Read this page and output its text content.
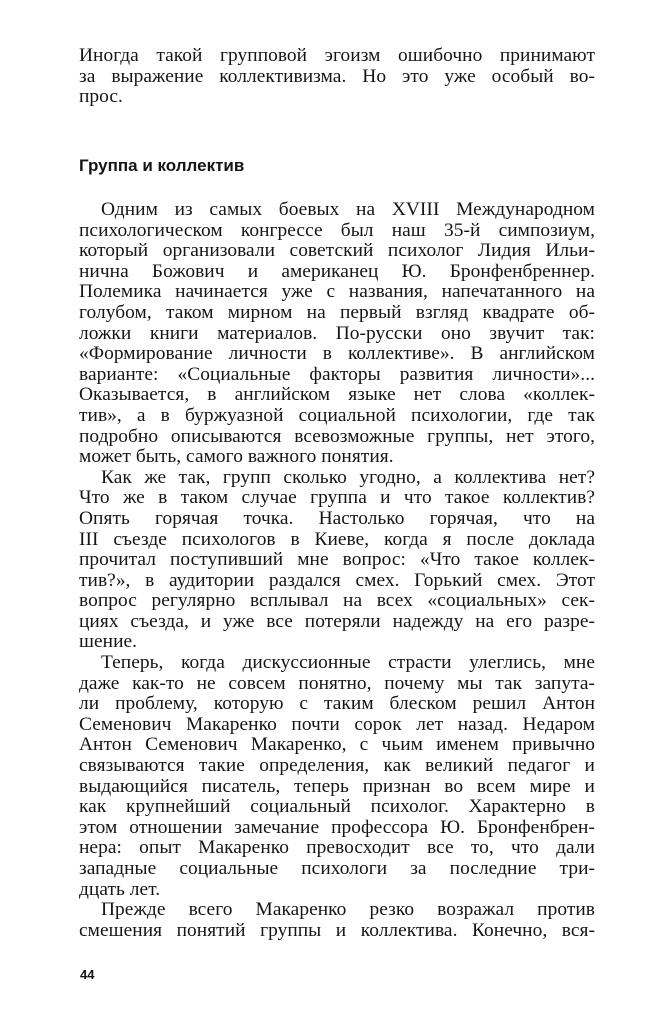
Иногда такой групповой эгоизм ошибочно принимают
за выражение коллективизма. Но это уже особый во-
прос.
Группа и коллектив
Одним из самых боевых на XVIII Международном
психологическом конгрессе был наш 35-й симпозиум,
который организовали советский психолог Лидия Ильи-
нична Божович и американец Ю. Бронфенбреннер.
Полемика начинается уже с названия, напечатанного на
голубом, таком мирном на первый взгляд квадрате об-
ложки книги материалов. По-русски оно звучит так:
«Формирование личности в коллективе». В английском
варианте: «Социальные факторы развития личности»...
Оказывается, в английском языке нет слова «коллек-
тив», а в буржуазной социальной психологии, где так
подробно описываются всевозможные группы, нет этого,
может быть, самого важного понятия.
Как же так, групп сколько угодно, а коллектива нет?
Что же в таком случае группа и что такое коллектив?
Опять горячая точка. Настолько горячая, что на
III съезде психологов в Киеве, когда я после доклада
прочитал поступивший мне вопрос: «Что такое коллек-
тив?», в аудитории раздался смех. Горький смех. Этот
вопрос регулярно всплывал на всех «социальных» сек-
циях съезда, и уже все потеряли надежду на его разре-
шение.
Теперь, когда дискуссионные страсти улеглись, мне
даже как-то не совсем понятно, почему мы так запута-
ли проблему, которую с таким блеском решил Антон
Семенович Макаренко почти сорок лет назад. Недаром
Антон Семенович Макаренко, с чьим именем привычно
связываются такие определения, как великий педагог и
выдающийся писатель, теперь признан во всем мире и
как крупнейший социальный психолог. Характерно в
этом отношении замечание профессора Ю. Бронфенбрен-
нера: опыт Макаренко превосходит все то, что дали
западные социальные психологи за последние три-
дцать лет.
Прежде всего Макаренко резко возражал против
смешения понятий группы и коллектива. Конечно, вся-
44
